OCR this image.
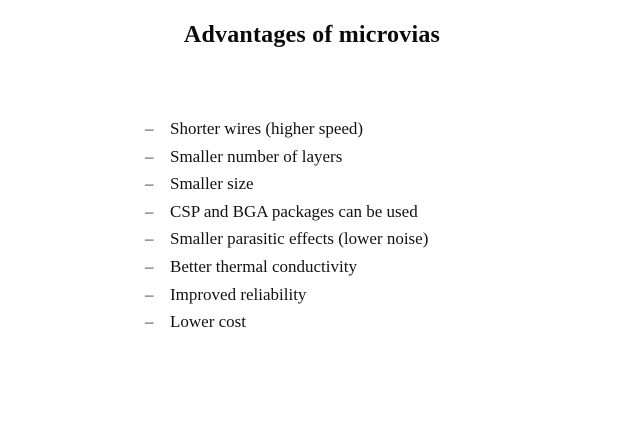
Advantages of microvias
– Shorter wires (higher speed)
– Smaller number of layers
– Smaller size
– CSP and BGA packages can be used
– Smaller parasitic effects (lower noise)
– Better thermal conductivity
– Improved reliability
– Lower cost
